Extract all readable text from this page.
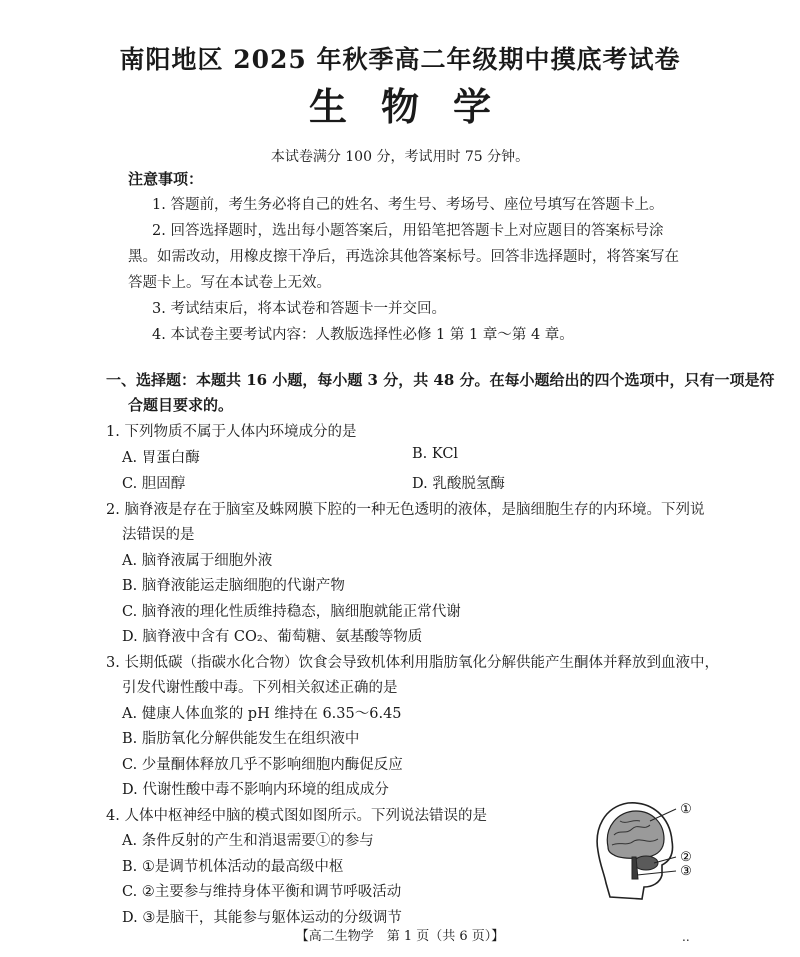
南阳地区 2025 年秋季高二年级期中摸底考试卷
生物学
本试卷满分 100 分，考试用时 75 分钟。
注意事项：
1. 答题前，考生务必将自己的姓名、考生号、考场号、座位号填写在答题卡上。
2. 回答选择题时，选出每小题答案后，用铅笔把答题卡上对应题目的答案标号涂
黑。如需改动，用橡皮擦干净后，再选涂其他答案标号。回答非选择题时，将答案写在
答题卡上。写在本试卷上无效。
3. 考试结束后，将本试卷和答题卡一并交回。
4. 本试卷主要考试内容：人教版选择性必修 1 第 1 章～第 4 章。
一、选择题：本题共 16 小题，每小题 3 分，共 48 分。在每小题给出的四个选项中，只有一项是符
合题目要求的。
1. 下列物质不属于人体内环境成分的是
A. 胃蛋白酶	B. KCl
C. 胆固醇	D. 乳酸脱氢酶
2. 脑脊液是存在于脑室及蛛网膜下腔的一种无色透明的液体，是脑细胞生存的内环境。下列说
法错误的是
A. 脑脊液属于细胞外液
B. 脑脊液能运走脑细胞的代谢产物
C. 脑脊液的理化性质维持稳态，脑细胞就能正常代谢
D. 脑脊液中含有 CO₂、葡萄糖、氨基酸等物质
3. 长期低碳（指碳水化合物）饮食会导致机体利用脂肪氧化分解供能产生酮体并释放到血液中，
引发代谢性酸中毒。下列相关叙述正确的是
A. 健康人体血浆的 pH 维持在 6.35～6.45
B. 脂肪氧化分解供能发生在组织液中
C. 少量酮体释放几乎不影响细胞内酶促反应
D. 代谢性酸中毒不影响内环境的组成成分
4. 人体中枢神经中脑的模式图如图所示。下列说法错误的是
A. 条件反射的产生和消退需要①的参与
B. ①是调节机体活动的最高级中枢
C. ②主要参与维持身体平衡和调节呼吸活动
D. ③是脑干，其能参与躯体运动的分级调节
①
②
③
【高二生物学　第 1 页（共 6 页）】	..
